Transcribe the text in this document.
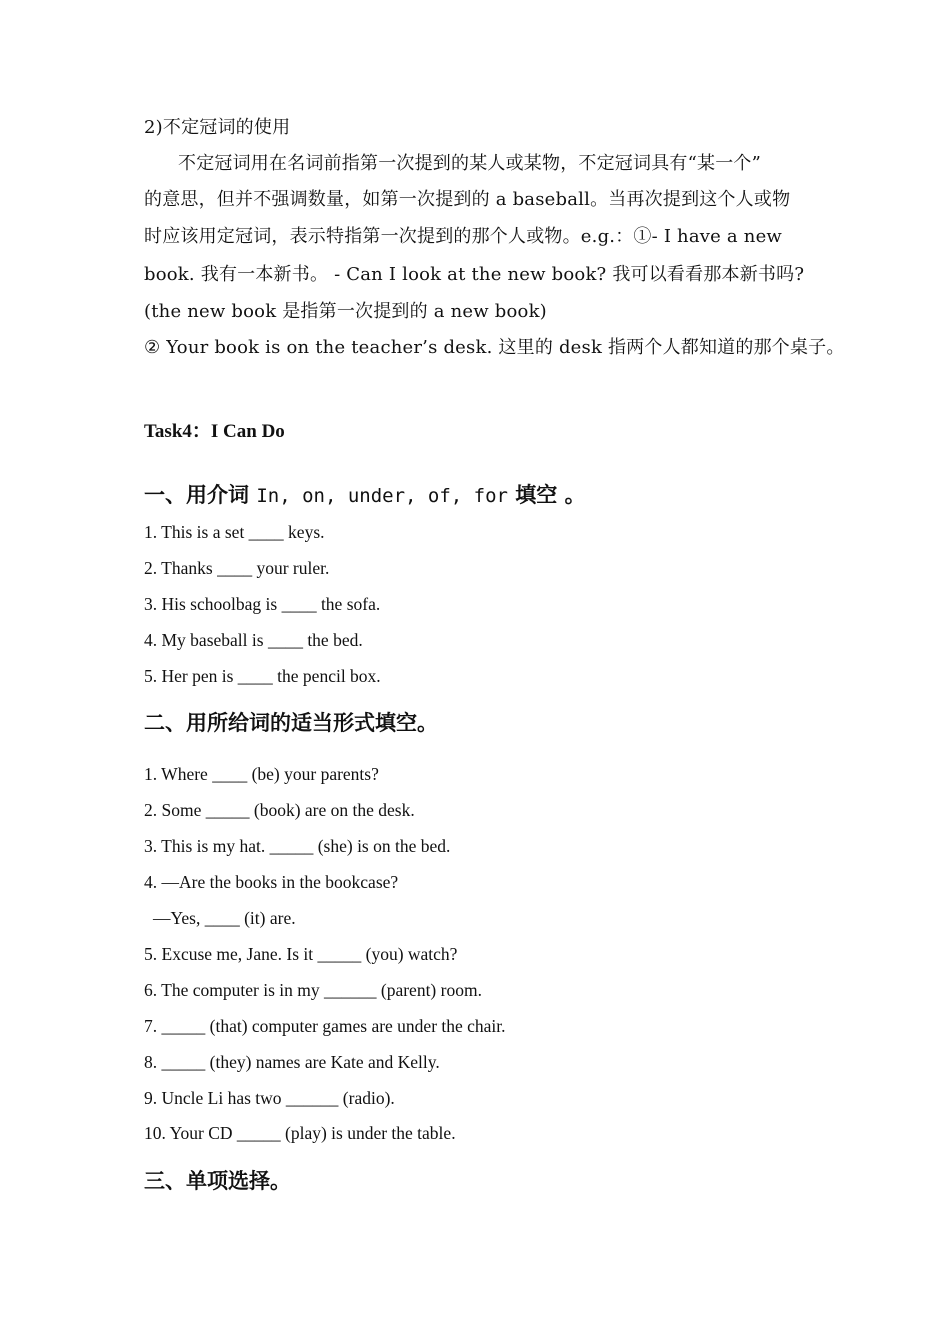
2)不定冠词的使用
不定冠词用在名词前指第一次提到的某人或某物，不定冠词具有“某一个”
的意思，但并不强调数量，如第一次提到的 a baseball。当再次提到这个人或物
时应该用定冠词，表示特指第一次提到的那个人或物。e.g.：①- I have a new
book. 我有一本新书。 - Can I look at the new book? 我可以看看那本新书吗?
(the new book 是指第一次提到的 a new book)
② Your book is on the teacher’s desk. 这里的 desk 指两个人都知道的那个桌子。
Task4：I Can Do
一、用介词 In, on, under, of, for 填空 。
1. This is a set ____ keys.
2. Thanks ____ your ruler.
3. His schoolbag is ____ the sofa.
4. My baseball is ____ the bed.
5. Her pen is ____ the pencil box.
二、用所给词的适当形式填空。
1. Where ____ (be) your parents?
2. Some _____ (book) are on the desk.
3. This is my hat. _____ (she) is on the bed.
4. —Are the books in the bookcase?
—Yes, ____ (it) are.
5. Excuse me, Jane. Is it _____ (you) watch?
6. The computer is in my ______ (parent) room.
7. _____ (that) computer games are under the chair.
8. _____ (they) names are Kate and Kelly.
9. Uncle Li has two ______ (radio).
10. Your CD _____ (play) is under the table.
三、单项选择。
